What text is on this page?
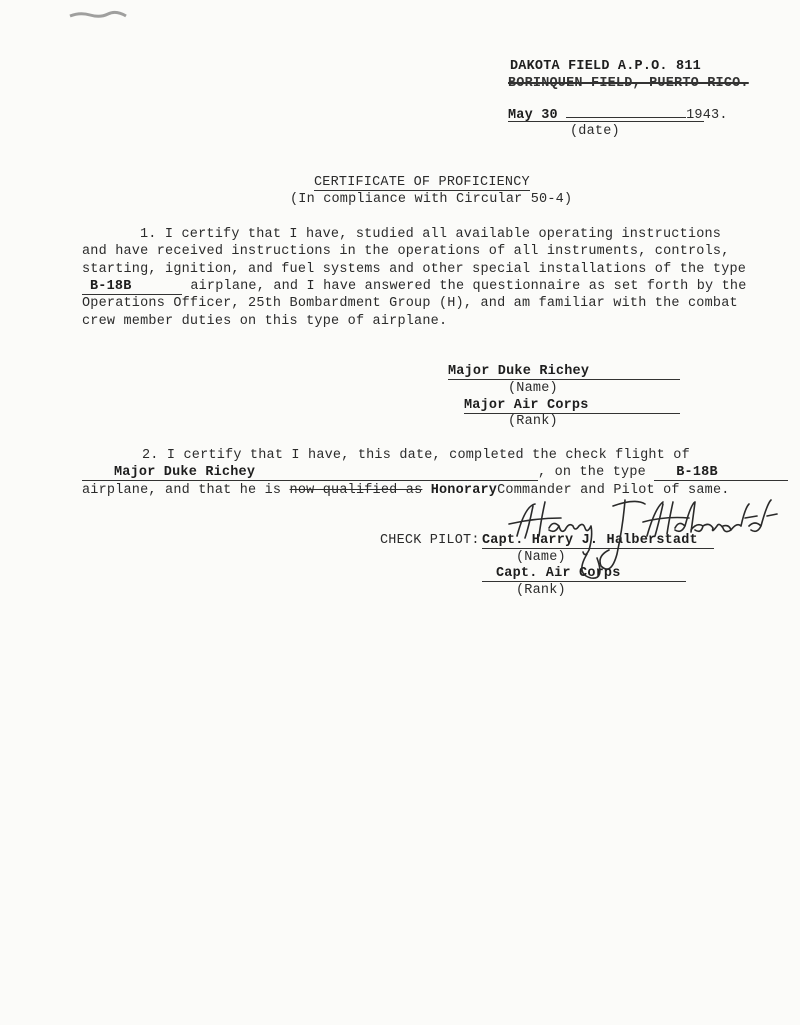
DAKOTA FIELD A.P.O. 811
BORINQUEN FIELD, PUERTO RICO.
May 30	1943.
(date)
CERTIFICATE OF PROFICIENCY
(In compliance with Circular 50-4)
1. I certify that I have, studied all available operating instructions
and have received instructions in the operations of all instruments, controls,
starting, ignition, and fuel systems and other special installations of the type
B-18B	airplane, and I have answered the questionnaire as set forth by the
Operations Officer, 25th Bombardment Group (H), and am familiar with the combat
crew member duties on this type of airplane.
Major Duke Richey
(Name)
Major Air Corps
(Rank)
2. I certify that I have, this date, completed the check flight of
Major Duke Richey	, on the type B-18B
airplane, and that he is now qualified as HonoraryCommander and Pilot of same.
CHECK PILOT: Capt. Harry J. Halberstadt
(Name)
Capt. Air Corps
(Rank)
